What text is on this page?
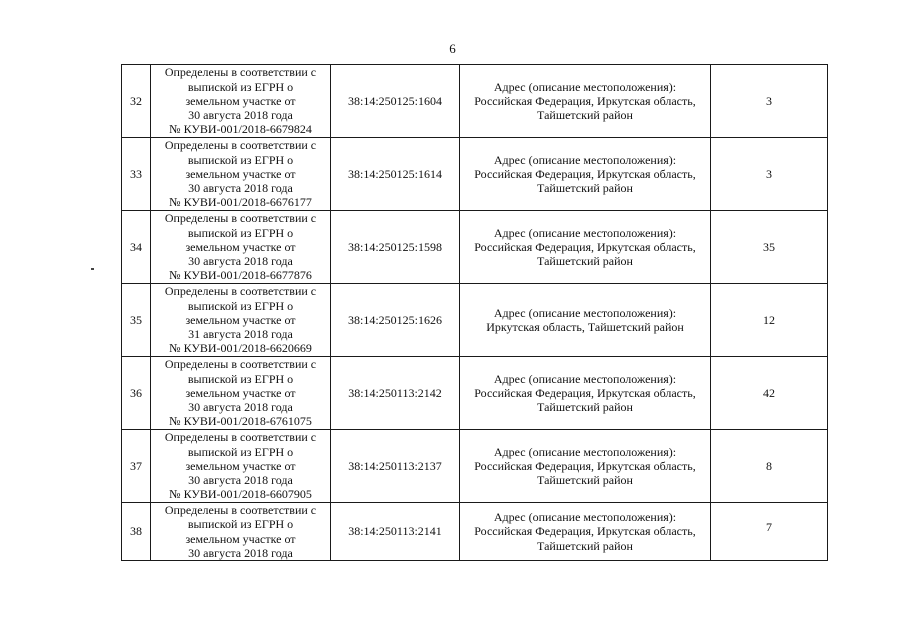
6
32	Определены в соответствии с
выпиской из ЕГРН о
земельном участке от
30 августа 2018 года
№ КУВИ-001/2018-6679824	38:14:250125:1604	Адрес (описание местоположения):
Российская Федерация, Иркутская область,
Тайшетский район	3
33	Определены в соответствии с
выпиской из ЕГРН о
земельном участке от
30 августа 2018 года
№ КУВИ-001/2018-6676177	38:14:250125:1614	Адрес (описание местоположения):
Российская Федерация, Иркутская область,
Тайшетский район	3
34	Определены в соответствии с
выпиской из ЕГРН о
земельном участке от
30 августа 2018 года
№ КУВИ-001/2018-6677876	38:14:250125:1598	Адрес (описание местоположения):
Российская Федерация, Иркутская область,
Тайшетский район	35
35	Определены в соответствии с
выпиской из ЕГРН о
земельном участке от
31 августа 2018 года
№ КУВИ-001/2018-6620669	38:14:250125:1626	Адрес (описание местоположения):
Иркутская область, Тайшетский район	12
36	Определены в соответствии с
выпиской из ЕГРН о
земельном участке от
30 августа 2018 года
№ КУВИ-001/2018-6761075	38:14:250113:2142	Адрес (описание местоположения):
Российская Федерация, Иркутская область,
Тайшетский район	42
37	Определены в соответствии с
выпиской из ЕГРН о
земельном участке от
30 августа 2018 года
№ КУВИ-001/2018-6607905	38:14:250113:2137	Адрес (описание местоположения):
Российская Федерация, Иркутская область,
Тайшетский район	8
38	Определены в соответствии с
выпиской из ЕГРН о
земельном участке от
30 августа 2018 года	38:14:250113:2141	Адрес (описание местоположения):
Российская Федерация, Иркутская область,
Тайшетский район	7
